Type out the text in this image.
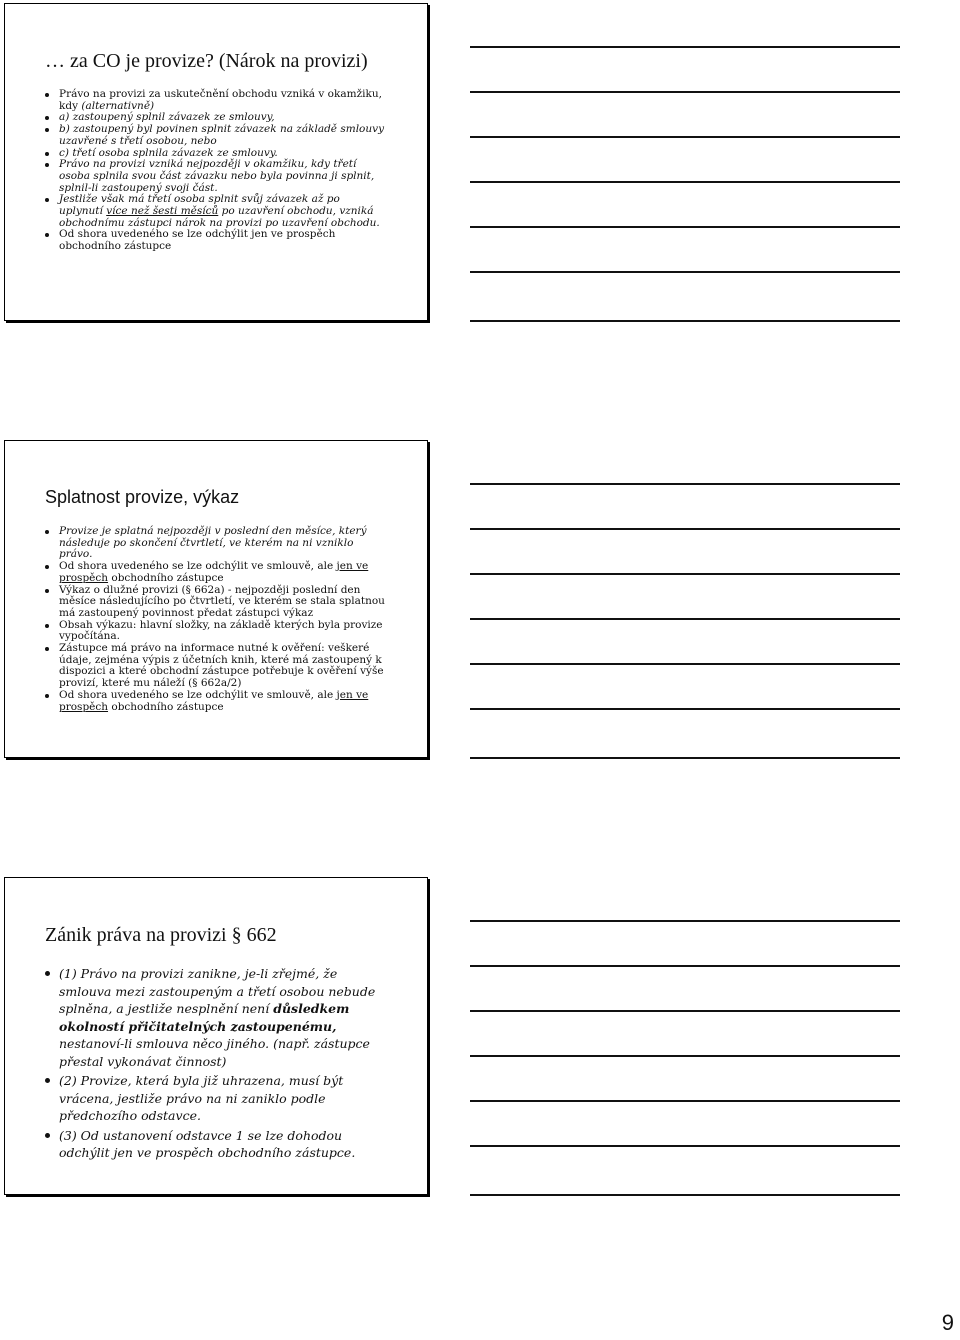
… za CO je provize? (Nárok na provizi)
Právo na provizi za uskutečnění obchodu vzniká v okamžiku, kdy (alternativně)
a) zastoupený splnil závazek ze smlouvy,
b) zastoupený byl povinen splnit závazek na základě smlouvy uzavřené s třetí osobou, nebo
c) třetí osoba splnila závazek ze smlouvy.
Právo na provizi vzniká nejpozději v okamžiku, kdy třetí osoba splnila svou část závazku nebo byla povinna ji splnit, splnil-li zastoupený svoji část.
Jestliže však má třetí osoba splnit svůj závazek až po uplynutí více než šesti měsíců po uzavření obchodu, vzniká obchodnímu zástupci nárok na provizi po uzavření obchodu.
Od shora uvedeného se lze odchýlit jen ve prospěch obchodního zástupce
Splatnost provize, výkaz
Provize je splatná nejpozději v poslední den měsíce, který následuje po skončení čtvrtletí, ve kterém na ni vzniklo právo.
Od shora uvedeného se lze odchýlit ve smlouvě, ale jen ve prospěch obchodního zástupce
Výkaz o dlužné provizi (§ 662a) - nejpozději poslední den měsíce následujícího po čtvrtletí, ve kterém se stala splatnou má zastoupený povinnost předat zástupci výkaz
Obsah výkazu: hlavní složky, na základě kterých byla provize vypočítána.
Zástupce má právo na informace nutné k ověření: veškeré údaje, zejména výpis z účetních knih, které má zastoupený k dispozici a které obchodní zástupce potřebuje k ověření výše provizí, které mu náleží (§ 662a/2)
Od shora uvedeného se lze odchýlit ve smlouvě, ale jen ve prospěch obchodního zástupce
Zánik práva na provizi § 662
(1) Právo na provizi zanikne, je-li zřejmé, že smlouva mezi zastoupeným a třetí osobou nebude splněna, a jestliže nesplnění není důsledkem okolností přičitatelných zastoupenému, nestanoví-li smlouva něco jiného. (např. zástupce přestal vykonávat činnost)
(2) Provize, která byla již uhrazena, musí být vrácena, jestliže právo na ni zaniklo podle předchozího odstavce.
(3) Od ustanovení odstavce 1 se lze dohodou odchýlit jen ve prospěch obchodního zástupce.
9
